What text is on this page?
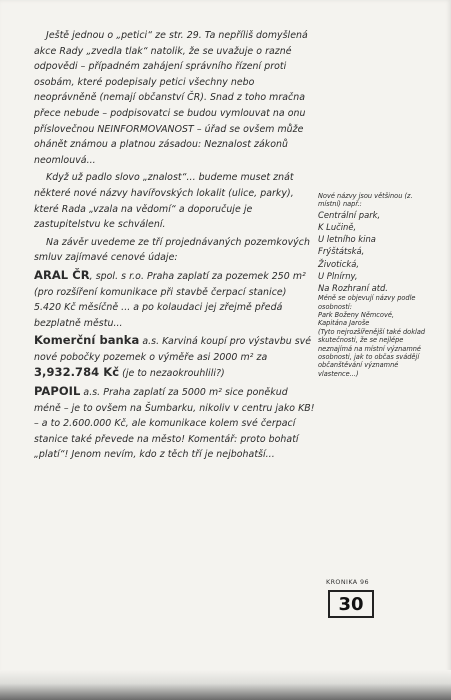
Ještě jednou o „petici“ ze str. 29. Ta nepříliš domyšlená akce Rady „zvedla tlak“ natolik, že se uvažuje o razné odpovědi – případném zahájení správního řízení proti osobám, které podepisaly petici všechny nebo neoprávněně (nemají občanství ČR). Snad z toho mračna přece nebude – podpisovatci se budou vymlouvat na onu příslovečnou NEINFORMOVANOST – úřad se ovšem může ohánět známou a platnou zásadou: Neznalost zákonů neomlouvá...

Když už padlo slovo „znalost“... budeme muset znát některé nové názvy havířovských lokalit (ulice, parky), které Rada „vzala na vědomí“ a doporučuje je zastupitelstvu ke schválení.

Na závěr uvedeme ze tří projednávaných pozemkových smluv zajímavé cenové údaje:

ARAL ČR, spol. s r.o. Praha zaplatí za pozemek 250 m² (pro rozšíření komunikace při stavbě čerpací stanice) 5.420 Kč měsíčně ... a po kolaudaci jej zřejmě předá bezplatně městu...

Komerční banka a.s. Karviná koupí pro výstavbu své nové pobočky pozemek o výměře asi 2000 m² za 3,932.784 Kč (je to nezaokrouhlili?)

PAPOIL a.s. Praha zaplatí za 5000 m² sice poněkud méně – je to ovšem na Šumbarku, nikoliv v centru jako KB! – a to 2.600.000 Kč, ale komunikace kolem své čerpací stanice také převede na město! Komentář: proto bohatí „platí“! Jenom nevím, kdo z těch tří je nejbohatší...

Nové názvy jsou většinou (z. místní) např.:
Centrální park,
K Lučině,
U letního kina
Frýštátská,
Životická,
U Plnírny,
Na Rozhraní atd.
Méně se objevují názvy podle osobností:
Park Boženy Němcové,
Kapitána Jaroše
(Tyto nejrozšířenější také doklad skutečnosti, že se nejlépe neznajímá na místní významné osobnosti, jak to občas svádějí občanštěvání významné vlastence...)
KRONIKA 96
30
